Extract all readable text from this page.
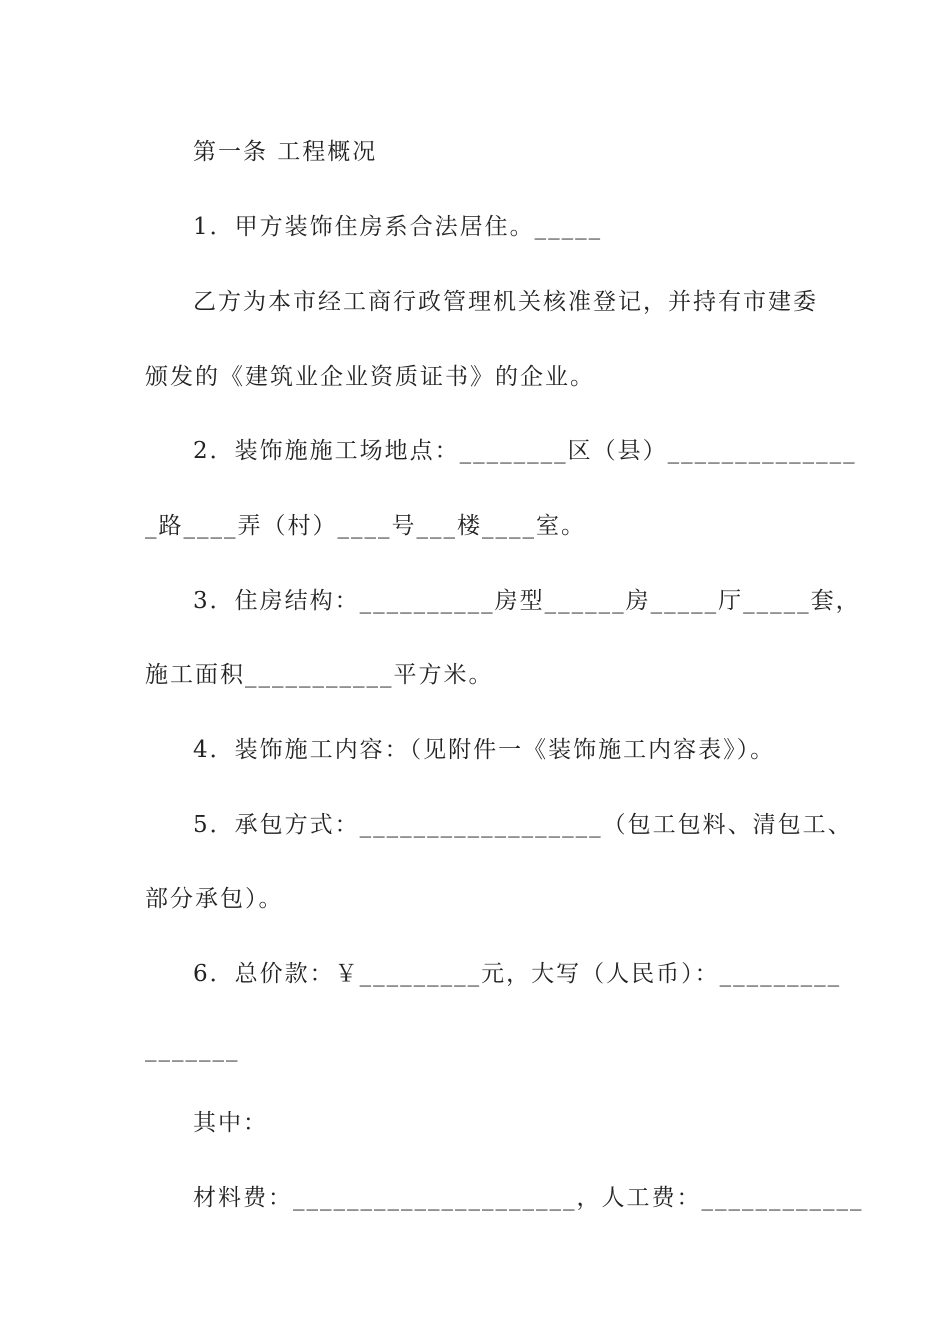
第一条 工程概况
1．甲方装饰住房系合法居住。_____
乙方为本市经工商行政管理机关核准登记，并持有市建委
颁发的《建筑业企业资质证书》的企业。
2．装饰施施工场地点：________区（县）______________
_路____弄（村）____号___楼____室。
3．住房结构：__________房型______房_____厅_____套，
施工面积___________平方米。
4．装饰施工内容：（见附件一《装饰施工内容表》）。
5．承包方式：__________________（包工包料、清包工、
部分承包）。
6．总价款：￥_________元，大写（人民币）：_________
_______
其中：
材料费：_____________________，人工费：____________
